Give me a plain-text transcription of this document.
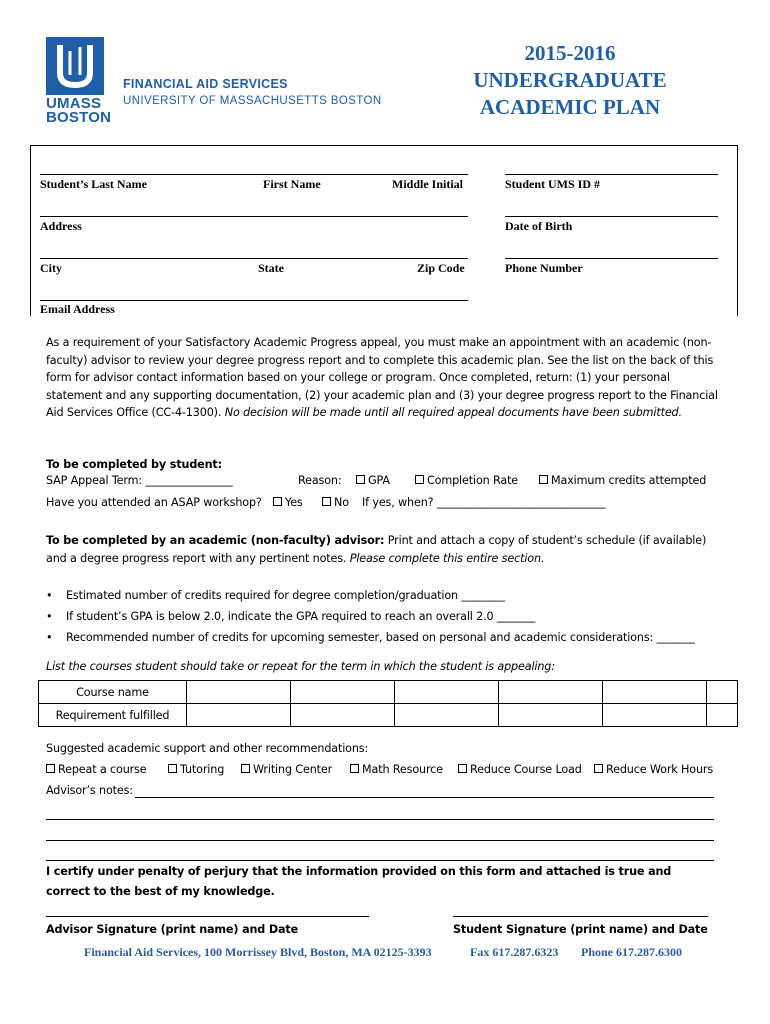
UMASS
BOSTON
FINANCIAL AID SERVICES
UNIVERSITY OF MASSACHUSETTS BOSTON
2015-2016
UNDERGRADUATE
ACADEMIC PLAN
Student’s Last Name	First Name	Middle Initial	Student UMS ID #
Address	Date of Birth
City	State	Zip Code	Phone Number
Email Address
As a requirement of your Satisfactory Academic Progress appeal, you must make an appointment with an academic (non-faculty) advisor to review your degree progress report and to complete this academic plan. See the list on the back of this form for advisor contact information based on your college or program. Once completed, return: (1) your personal statement and any supporting documentation, (2) your academic plan and (3) your degree progress report to the Financial Aid Services Office (CC-4-1300). No decision will be made until all required appeal documents have been submitted.
To be completed by student:
SAP Appeal Term: ________________	Reason:	GPA	Completion Rate	Maximum credits attempted
Have you attended an ASAP workshop?	Yes	No If yes, when? _______________________________
To be completed by an academic (non-faculty) advisor: Print and attach a copy of student’s schedule (if available) and a degree progress report with any pertinent notes. Please complete this entire section.
• Estimated number of credits required for degree completion/graduation ________
• If student’s GPA is below 2.0, indicate the GPA required to reach an overall 2.0 _______
• Recommended number of credits for upcoming semester, based on personal and academic considerations: _______
List the courses student should take or repeat for the term in which the student is appealing:
Course name						
Requirement fulfilled						
Suggested academic support and other recommendations:
Repeat a course	Tutoring	Writing Center	Math Resource	Reduce Course Load	Reduce Work Hours
Advisor’s notes:
I certify under penalty of perjury that the information provided on this form and attached is true and correct to the best of my knowledge.
Advisor Signature (print name) and Date	Student Signature (print name) and Date
Financial Aid Services, 100 Morrissey Blvd, Boston, MA 02125-3393	Fax 617.287.6323 Phone 617.287.6300
